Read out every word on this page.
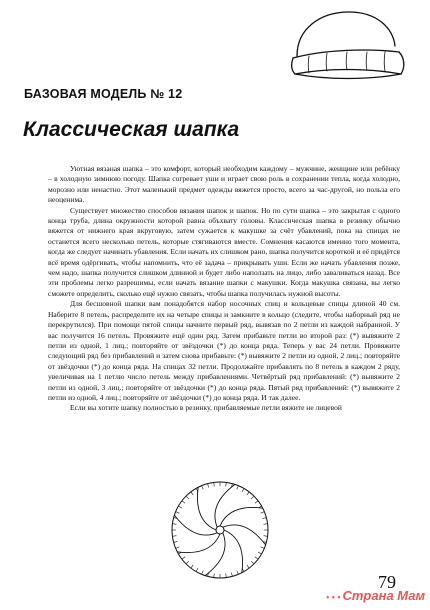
БАЗОВАЯ МОДЕЛЬ № 12
Классическая шапка

Уютная вязаная шапка – это комфорт, который необходим каждому – мужчине, женщине или ребёнку – в холодную зимнюю погоду. Шапка согревает уши и играет свою роль в сохранении тепла, когда холодно, морозно или ненастно. Этот маленький предмет одежды вяжется просто, всего за час-другой, но польза его неоценима.

Существует множество способов вязания шапок и шапок. Но по сути шапка – это закрытая с одного конца труба, длина окружности которой равна объхвату головы. Классическая шапка в резинку обычно вяжется от нижнего края вкруговую, затем сужается к макушке за счёт убавлений, пока на спицах не останется всего несколько петель, которые стягиваются вместе. Сомнения касаются именно того момента, когда же следует начинать убавления. Если начать их слишком рано, шапка получится короткой и её придётся всё время одёргивать, чтобы напомнить, что её задача – прикрывать уши. Если же начать убавления позже, чем надо, шапка получится слишком длинной и будет либо наползать на лицо, либо заваливаться назад. Все эти проблемы легко разрешимы, если начать вязание шапки с макушки. Когда макушка связана, вы легко сможете определить, сколько ещё нужно связать, чтобы шапка получилась нужной высоты.

Для бесшовной шапки вам понадобятся набор носочных спиц и кольцевые спицы длиной 40 см. Наберите 8 петель, распределите их на четыре спицы и замкните в кольцо (следите, чтобы наборный ряд не перекрутился). При помощи пятой спицы начните первый ряд, вывязав по 2 петли из каждой набранной. У вас получится 16 петель. Провяжите ещё один ряд. Затем прибавьте петли во второй раз: (*) вывяжите 2 петли из одной, 1 лиц.; повторяйте от звёздочки (*) до конца ряда. Теперь у вас 24 петли. Провяжите следующий ряд без прибавлений и затем снова прибавьте: (*) вывяжите 2 петли из одной, 2 лиц.; повторяйте от звёздочки (*) до конца ряда. На спицах 32 петли. Продолжайте прибавлять по 8 петель в каждом 2 ряду, увеличивая на 1 петлю число петель между прибавлениями. Четвёртый ряд прибавлений: (*) вывяжите 2 петли из одной, 3 лиц.; повторяйте от звёздочки (*) до конца ряда. Пятый ряд прибавлений: (*) вывяжите 2 петли из одной, 4 лиц.; повторяйте от звёздочки (*) до конца ряда. И так далее.

Если вы хотите шапку полностью в резинку, прибавляемые петли вяжите не лицевой

79
• • • Страна Мам
